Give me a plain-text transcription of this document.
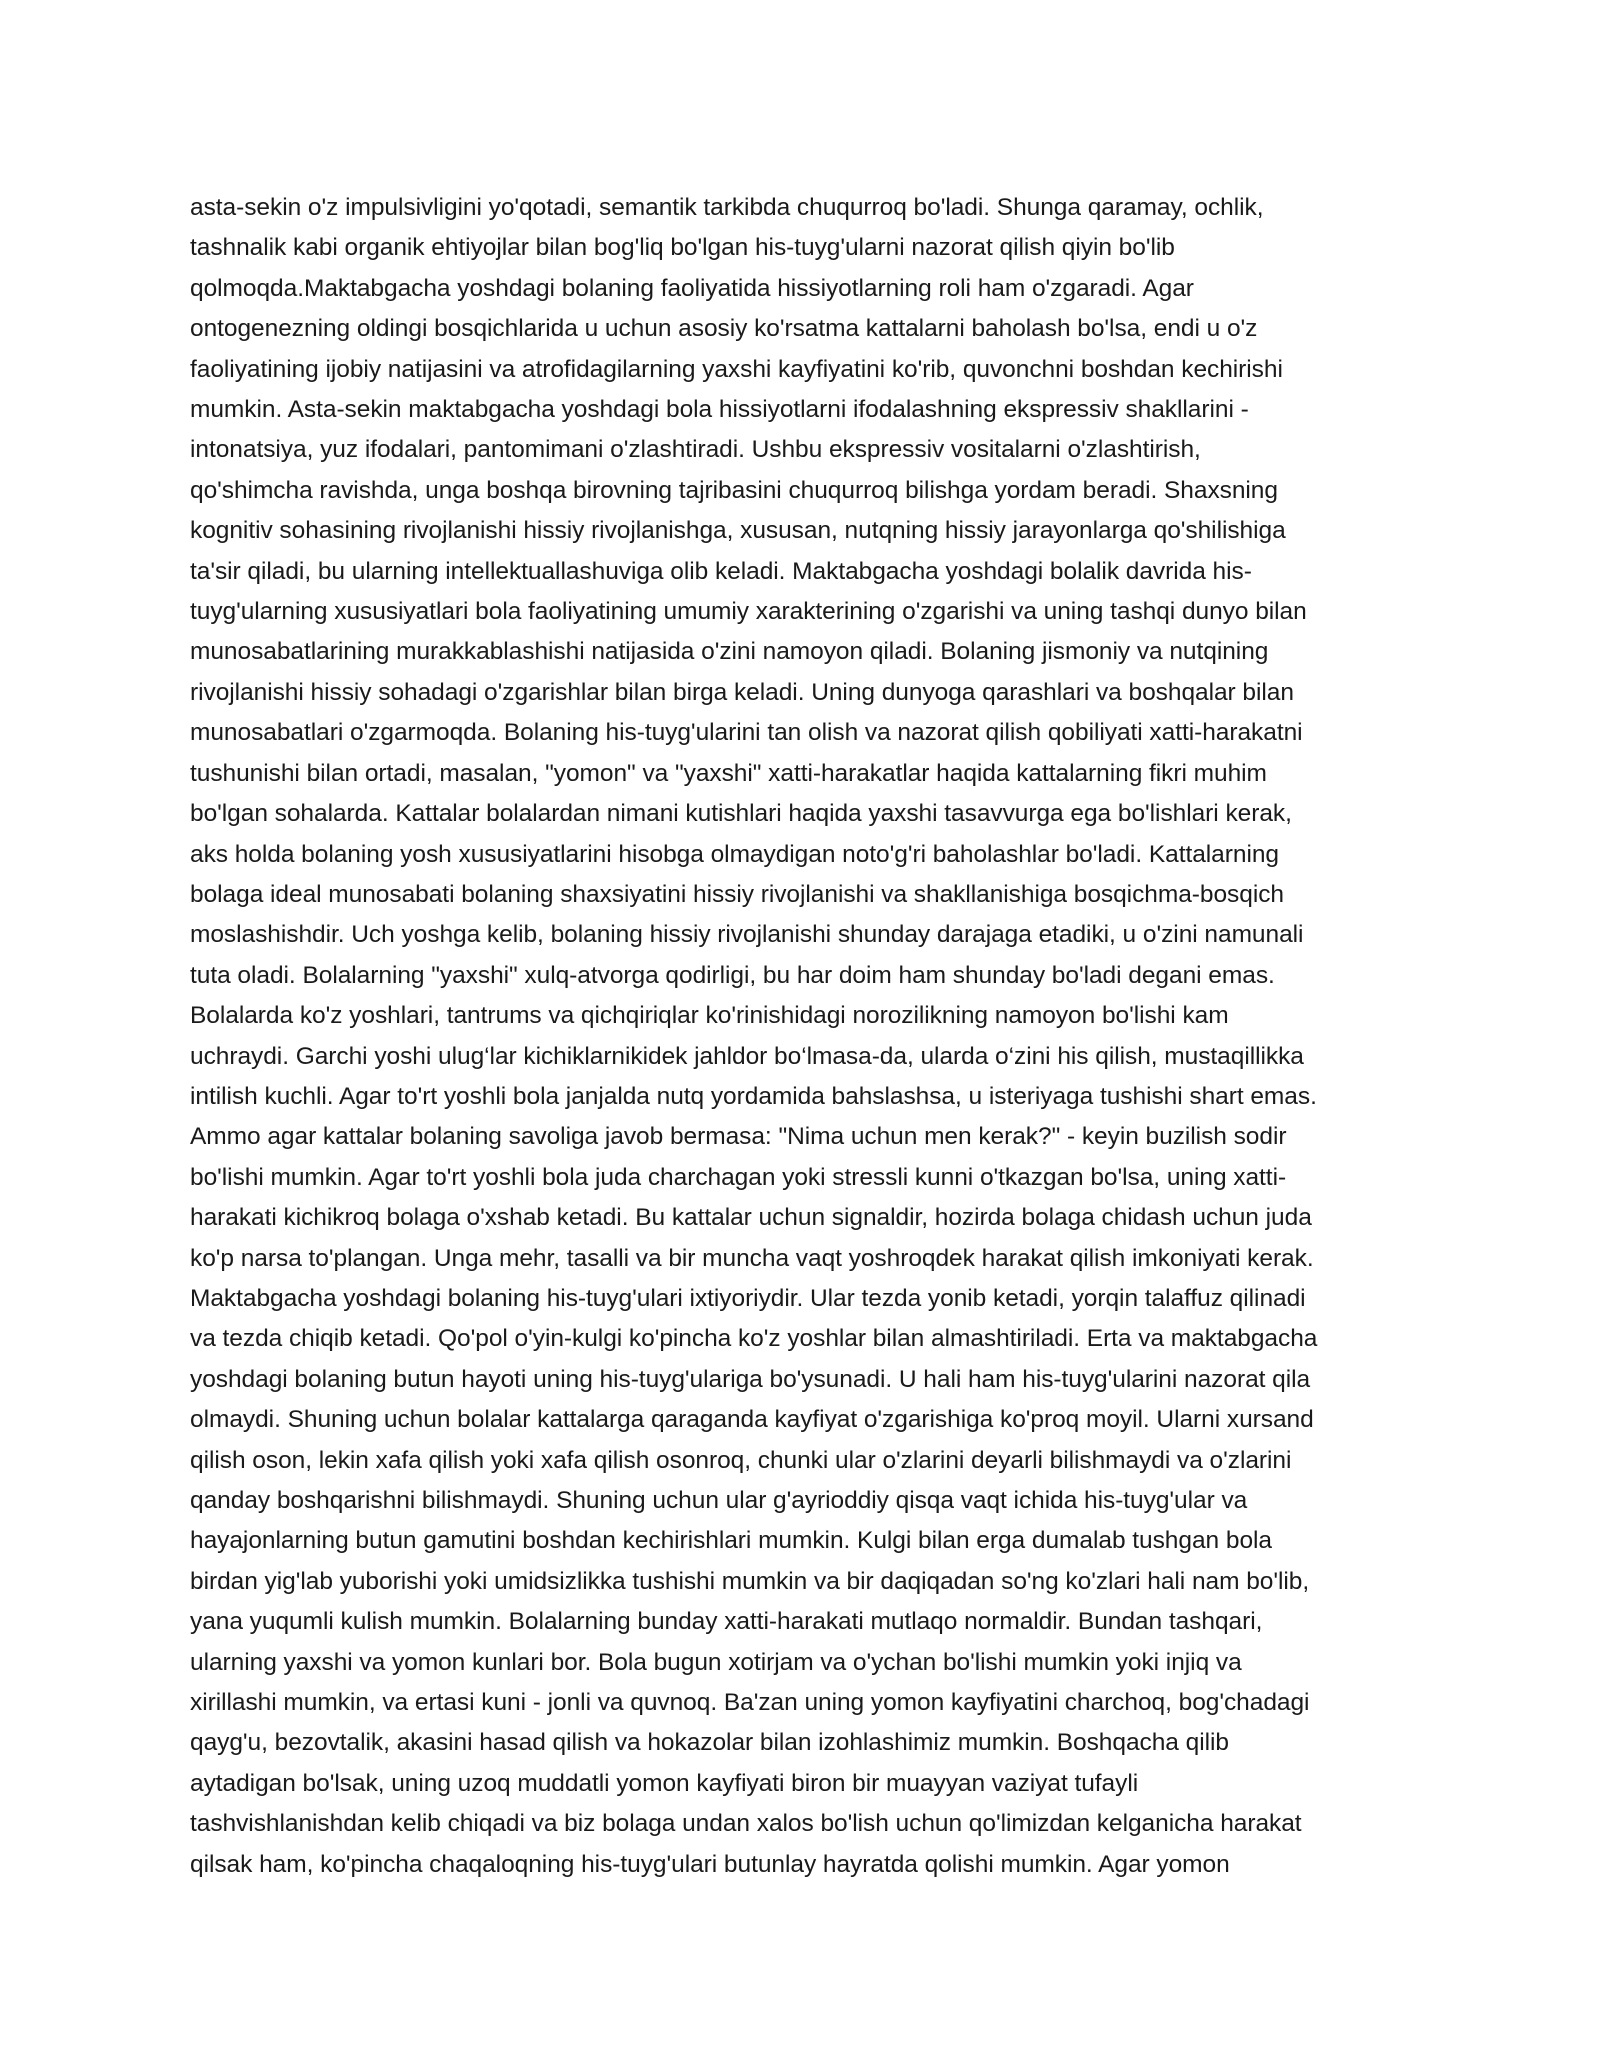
asta-sekin o'z impulsivligini yo'qotadi, semantik tarkibda chuqurroq bo'ladi. Shunga qaramay, ochlik,
tashnalik kabi organik ehtiyojlar bilan bog'liq bo'lgan his-tuyg'ularni nazorat qilish qiyin bo'lib
qolmoqda.Maktabgacha yoshdagi bolaning faoliyatida hissiyotlarning roli ham o'zgaradi. Agar
ontogenezning oldingi bosqichlarida u uchun asosiy ko'rsatma kattalarni baholash bo'lsa, endi u o'z
faoliyatining ijobiy natijasini va atrofidagilarning yaxshi kayfiyatini ko'rib, quvonchni boshdan kechirishi
mumkin. Asta-sekin maktabgacha yoshdagi bola hissiyotlarni ifodalashning ekspressiv shakllarini -
intonatsiya, yuz ifodalari, pantomimani o'zlashtiradi. Ushbu ekspressiv vositalarni o'zlashtirish,
qo'shimcha ravishda, unga boshqa birovning tajribasini chuqurroq bilishga yordam beradi. Shaxsning
kognitiv sohasining rivojlanishi hissiy rivojlanishga, xususan, nutqning hissiy jarayonlarga qo'shilishiga
ta'sir qiladi, bu ularning intellektuallashuviga olib keladi. Maktabgacha yoshdagi bolalik davrida his-
tuyg'ularning xususiyatlari bola faoliyatining umumiy xarakterining o'zgarishi va uning tashqi dunyo bilan
munosabatlarining murakkablashishi natijasida o'zini namoyon qiladi. Bolaning jismoniy va nutqining
rivojlanishi hissiy sohadagi o'zgarishlar bilan birga keladi. Uning dunyoga qarashlari va boshqalar bilan
munosabatlari o'zgarmoqda. Bolaning his-tuyg'ularini tan olish va nazorat qilish qobiliyati xatti-harakatni
tushunishi bilan ortadi, masalan, "yomon" va "yaxshi" xatti-harakatlar haqida kattalarning fikri muhim
bo'lgan sohalarda. Kattalar bolalardan nimani kutishlari haqida yaxshi tasavvurga ega bo'lishlari kerak,
aks holda bolaning yosh xususiyatlarini hisobga olmaydigan noto'g'ri baholashlar bo'ladi. Kattalarning
bolaga ideal munosabati bolaning shaxsiyatini hissiy rivojlanishi va shakllanishiga bosqichma-bosqich
moslashishdir. Uch yoshga kelib, bolaning hissiy rivojlanishi shunday darajaga etadiki, u o'zini namunali
tuta oladi. Bolalarning "yaxshi" xulq-atvorga qodirligi, bu har doim ham shunday bo'ladi degani emas.
Bolalarda ko'z yoshlari, tantrums va qichqiriqlar ko'rinishidagi norozilikning namoyon bo'lishi kam
uchraydi. Garchi yoshi ulug‘lar kichiklarnikidek jahldor bo‘lmasa-da, ularda o‘zini his qilish, mustaqillikka
intilish kuchli. Agar to'rt yoshli bola janjalda nutq yordamida bahslashsa, u isteriyaga tushishi shart emas.
Ammo agar kattalar bolaning savoliga javob bermasa: "Nima uchun men kerak?" - keyin buzilish sodir
bo'lishi mumkin. Agar to'rt yoshli bola juda charchagan yoki stressli kunni o'tkazgan bo'lsa, uning xatti-
harakati kichikroq bolaga o'xshab ketadi. Bu kattalar uchun signaldir, hozirda bolaga chidash uchun juda
ko'p narsa to'plangan. Unga mehr, tasalli va bir muncha vaqt yoshroqdek harakat qilish imkoniyati kerak.
Maktabgacha yoshdagi bolaning his-tuyg'ulari ixtiyoriydir. Ular tezda yonib ketadi, yorqin talaffuz qilinadi
va tezda chiqib ketadi. Qo'pol o'yin-kulgi ko'pincha ko'z yoshlar bilan almashtiriladi. Erta va maktabgacha
yoshdagi bolaning butun hayoti uning his-tuyg'ulariga bo'ysunadi. U hali ham his-tuyg'ularini nazorat qila
olmaydi. Shuning uchun bolalar kattalarga qaraganda kayfiyat o'zgarishiga ko'proq moyil. Ularni xursand
qilish oson, lekin xafa qilish yoki xafa qilish osonroq, chunki ular o'zlarini deyarli bilishmaydi va o'zlarini
qanday boshqarishni bilishmaydi. Shuning uchun ular g'ayrioddiy qisqa vaqt ichida his-tuyg'ular va
hayajonlarning butun gamutini boshdan kechirishlari mumkin. Kulgi bilan erga dumalab tushgan bola
birdan yig'lab yuborishi yoki umidsizlikka tushishi mumkin va bir daqiqadan so'ng ko'zlari hali nam bo'lib,
yana yuqumli kulish mumkin. Bolalarning bunday xatti-harakati mutlaqo normaldir. Bundan tashqari,
ularning yaxshi va yomon kunlari bor. Bola bugun xotirjam va o'ychan bo'lishi mumkin yoki injiq va
xirillashi mumkin, va ertasi kuni - jonli va quvnoq. Ba'zan uning yomon kayfiyatini charchoq, bog'chadagi
qayg'u, bezovtalik, akasini hasad qilish va hokazolar bilan izohlashimiz mumkin. Boshqacha qilib
aytadigan bo'lsak, uning uzoq muddatli yomon kayfiyati biron bir muayyan vaziyat tufayli
tashvishlanishdan kelib chiqadi va biz bolaga undan xalos bo'lish uchun qo'limizdan kelganicha harakat
qilsak ham, ko'pincha chaqaloqning his-tuyg'ulari butunlay hayratda qolishi mumkin. Agar yomon
